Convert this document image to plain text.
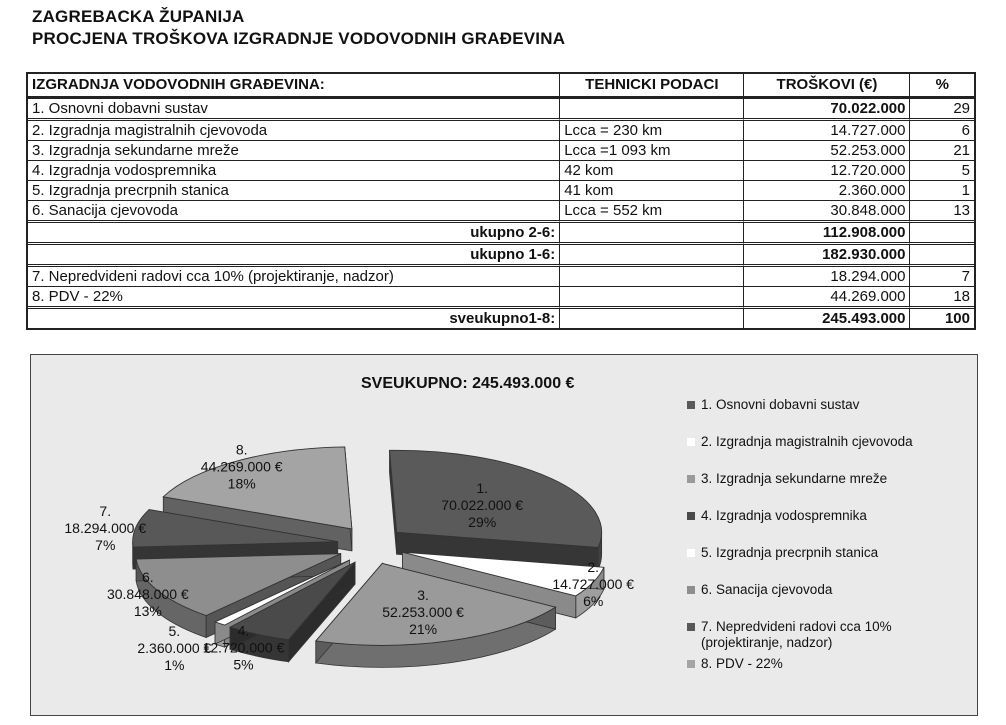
ZAGREBACKA ŽUPANIJA
PROCJENA TROŠKOVA IZGRADNJE VODOVODNIH GRAĐEVINA
IZGRADNJA VODOVODNIH GRAĐEVINA:	TEHNICKI PODACI	TROŠKOVI (€)	%
1. Osnovni dobavni sustav		70.022.000	29
2. Izgradnja magistralnih cjevovoda	Lcca = 230 km	14.727.000	6
3. Izgradnja sekundarne mreže	Lcca =1 093 km	52.253.000	21
4. Izgradnja vodospremnika	42 kom	12.720.000	5
5. Izgradnja precrpnih stanica	41 kom	2.360.000	1
6. Sanacija cjevovoda	Lcca = 552 km	30.848.000	13
ukupno 2-6:		112.908.000	
ukupno 1-6:		182.930.000	
7. Nepredvideni radovi cca 10% (projektiranje, nadzor)		18.294.000	7
8. PDV - 22%		44.269.000	18
sveukupno1-8:		245.493.000	100
SVEUKUPNO: 245.493.000 €
1. 70.022.000 € 29%
2. 14.727.000 € 6%
3. 52.253.000 € 21%
4. 12.720.000 € 5%
5. 2.360.000 € 1%
6. 30.848.000 € 13%
7. 18.294.000 € 7%
8. 44.269.000 € 18%
1. Osnovni dobavni sustav
2. Izgradnja magistralnih cjevovoda
3. Izgradnja sekundarne mreže
4. Izgradnja vodospremnika
5. Izgradnja precrpnih stanica
6. Sanacija cjevovoda
7. Nepredvideni radovi cca 10%
(projektiranje, nadzor)
8. PDV - 22%
